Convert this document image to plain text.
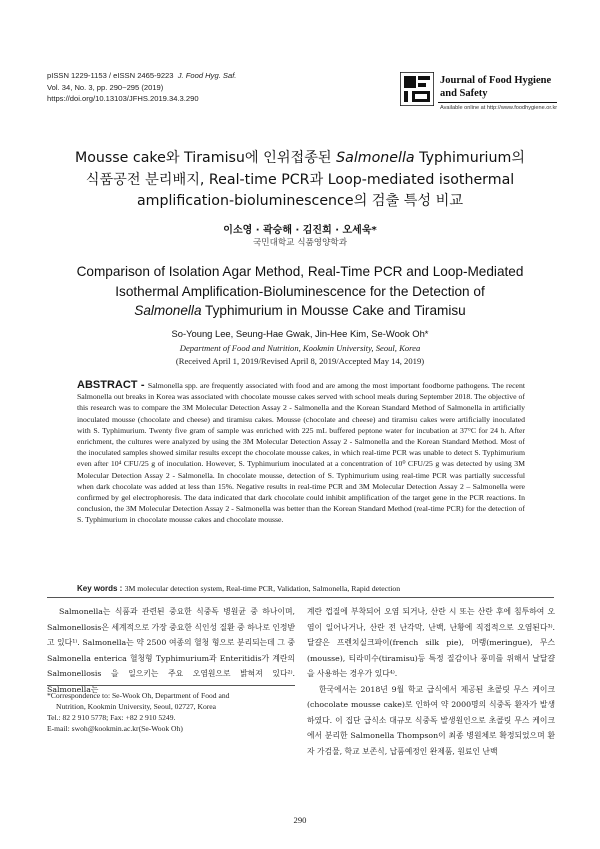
pISSN 1229-1153 / eISSN 2465-9223 J. Food Hyg. Saf.
Vol. 34, No. 3, pp. 290~295 (2019)
https://doi.org/10.13103/JFHS.2019.34.3.290
Journal of Food Hygiene
and Safety
Available online at http://www.foodhygiene.or.kr
Mousse cake와 Tiramisu에 인위접종된 Salmonella Typhimurium의
식품공전 분리배지, Real-time PCR과 Loop-mediated isothermal
amplification-bioluminescence의 검출 특성 비교
이소영 · 곽승해 · 김진희 · 오세욱*
국민대학교 식품영양학과
Comparison of Isolation Agar Method, Real-Time PCR and Loop-Mediated
Isothermal Amplification-Bioluminescence for the Detection of
Salmonella Typhimurium in Mousse Cake and Tiramisu
So-Young Lee, Seung-Hae Gwak, Jin-Hee Kim, Se-Wook Oh*
Department of Food and Nutrition, Kookmin University, Seoul, Korea
(Received April 1, 2019/Revised April 8, 2019/Accepted May 14, 2019)
ABSTRACT - Salmonella spp. are frequently associated with food and are among the most important foodborne pathogens. The recent Salmonella out breaks in Korea was associated with chocolate mousse cakes served with school meals during September 2018. The objective of this research was to compare the 3M Molecular Detection Assay 2 - Salmonella and the Korean Standard Method of Salmonella in artificially inoculated mousse (chocolate and cheese) and tiramisu cakes. Mousse (chocolate and cheese) and tiramisu cakes were artificially inoculated with S. Typhimurium. Twenty five gram of sample was enriched with 225 mL buffered peptone water for incubation at 37°C for 24 h. After enrichment, the cultures were analyzed by using the 3M Molecular Detection Assay 2 - Salmonella and the Korean Standard Method. Most of the inoculated samples showed similar results except the chocolate mousse cakes, in which real-time PCR was unable to detect S. Typhimurium even after 10⁴ CFU/25 g of inoculation. However, S. Typhimurium inoculated at a concentration of 10⁰ CFU/25 g was detected by using 3M Molecular Detection Assay 2 - Salmonella. In chocolate mousse, detection of S. Typhimurium using real-time PCR was partially successful when dark chocolate was added at less than 15%. Negative results in real-time PCR and 3M Molecular Detection Assay 2 – Salmonella were confirmed by gel electrophoresis. The data indicated that dark chocolate could inhibit amplification of the target gene in the PCR reactions. In conclusion, the 3M Molecular Detection Assay 2 - Salmonella was better than the Korean Standard Method (real-time PCR) for the detection of S. Typhimurium in chocolate mousse cakes and chocolate mousse.
Key words : 3M molecular detection system, Real-time PCR, Validation, Salmonella, Rapid detection

Salmonella는 식품과 관련된 중요한 식중독 병원균 중 하나이며, Salmonellosis은 세계적으로 가장 중요한 식인성 질환 중 하나로 인정받고 있다¹⁾. Salmonella는 약 2500 여종의 혈청 형으로 분리되는데 그 중 Salmonella enterica 혈청형 Typhimurium과 Enteritidis가 계란의 Salmonellosis 을 일으키는 주요 오염원으로 밝혀져 있다²⁾. Salmonella는

계란 껍질에 부착되어 오염 되거나, 산란 시 또는 산란 후에 침투하여 오염이 일어나거나, 산란 전 난각막, 난백, 난황에 직접적으로 오염된다³⁾. 달걀은 프렌치실크파이(french silk pie), 머랭(meringue), 무스(mousse), 티라미수(tiramisu)등 특정 질감이나 풍미를 위해서 날달걀을 사용하는 경우가 있다⁴⁾.

한국에서는 2018년 9월 학교 급식에서 제공된 초콜릿 무스 케이크(chocolate mousse cake)로 인하여 약 2000명의 식중독 환자가 발생하였다. 이 집단 급식소 대규모 식중독 발생원인으로 초콜릿 무스 케이크에서 분리한 Salmonella Thompson이 최종 병원체로 확정되었으며 환자 가검물, 학교 보존식, 납품예정인 완제품, 원료인 난백

*Correspondence to: Se-Wook Oh, Department of Food and
Nutrition, Kookmin University, Seoul, 02727, Korea
Tel.: 82 2 910 5778; Fax: +82 2 910 5249.
E-mail: swoh@kookmin.ac.kr(Se-Wook Oh)
290
